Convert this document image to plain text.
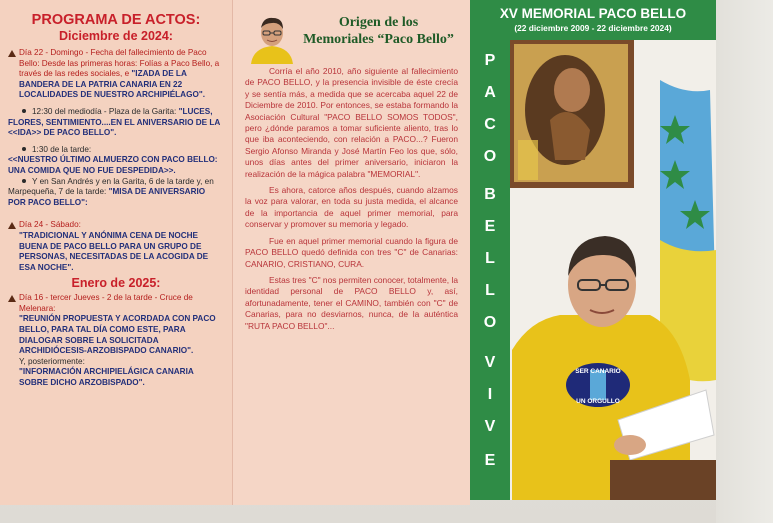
PROGRAMA DE ACTOS:
Diciembre de 2024:
Día 22 - Domingo - Fecha del fallecimiento de Paco Bello: Desde las primeras horas: Folías a Paco Bello, a través de las redes sociales, e "IZADA DE LA BANDERA DE LA PATRIA CANARIA EN 22 LOCALIDADES DE NUESTRO ARCHIPIÉLAGO".
12:30 del mediodía - Plaza de la Garita: "LUCES, FLORES, SENTIMIENTO....EN EL ANIVERSARIO DE LA <<IDA>> DE PACO BELLO".
1:30 de la tarde:
<<NUESTRO ÚLTIMO ALMUERZO CON PACO BELLO:
UNA COMIDA QUE NO FUE DESPEDIDA>>.
Y en San Andrés y en la Garita, 6 de la tarde y, en Marpequeña, 7 de la tarde: "MISA DE ANIVERSARIO POR PACO BELLO":
Día 24 - Sábado:
"TRADICIONAL Y ANÓNIMA CENA DE NOCHE BUENA DE PACO BELLO PARA UN GRUPO DE PERSONAS, NECESITADAS DE LA ACOGIDA DE ESA NOCHE".
Enero de 2025:
Día 16 - tercer Jueves - 2 de la tarde - Cruce de Melenara:
"REUNIÓN PROPUESTA Y ACORDADA CON PACO BELLO, PARA TAL DÍA COMO ESTE, PARA DIALOGAR SOBRE LA SOLICITADA ARCHIDIÓCESIS-ARZOBISPADO CANARIO".
Y, posteriormente:
"INFORMACIÓN ARCHIPIELÁGICA CANARIA SOBRE DICHO ARZOBISPADO".
Origen de los
Memoriales “Paco Bello”

Corría el año 2010, año siguiente al fallecimiento de PACO BELLO, y la presencia invisible de éste crecía y se sentía más, a medida que se acercaba aquel 22 de Diciembre de 2010. Por entonces, se estaba formando la Asociación Cultural "PACO BELLO SOMOS TODOS", pero ¿dónde paramos a tomar suficiente aliento, tras lo que iba aconteciendo, con relación a PACO...? Fueron Sergio Afonso Miranda y José Martín Feo los que, sólo, unos días antes del primer aniversario, iniciaron la realización de la mágica palabra "MEMORIAL".

Es ahora, catorce años después, cuando alzamos la voz para valorar, en toda su justa medida, el alcance de la importancia de aquel primer memorial, para conservar y promover su memoria y legado.

Fue en aquel primer memorial cuando la figura de PACO BELLO quedó definida con tres "C" de Canarias: CANARIO, CRISTIANO, CURA.

Estas tres "C" nos permiten conocer, totalmente, la identidad personal de PACO BELLO y, así, afortunadamente, tener el CAMINO, también con "C" de Canarias, para no desviarnos, nunca, de la auténtica "RUTA PACO BELLO"...

XV MEMORIAL PACO BELLO
(22 diciembre 2009 - 22 diciembre 2024)
P
A
C
O
B
E
L
L
O
V
I
V
E
SER CANARIO
UN ORGULLO
